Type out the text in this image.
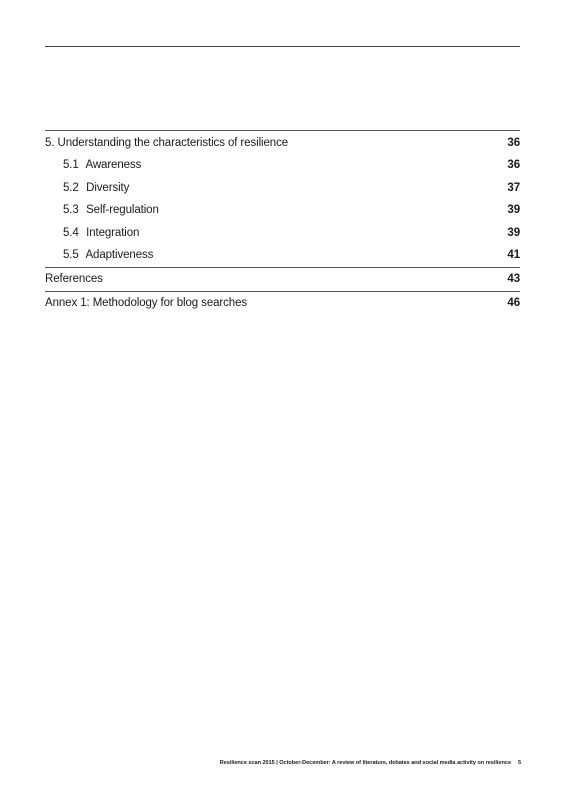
5. Understanding the characteristics of resilience	36
5.1 Awareness	36
5.2 Diversity	37
5.3 Self-regulation	39
5.4 Integration	39
5.5 Adaptiveness	41
References	43
Annex 1: Methodology for blog searches	46
Resilience scan 2015 | October-December: A review of literature, debates and social media activity on resilience 5
